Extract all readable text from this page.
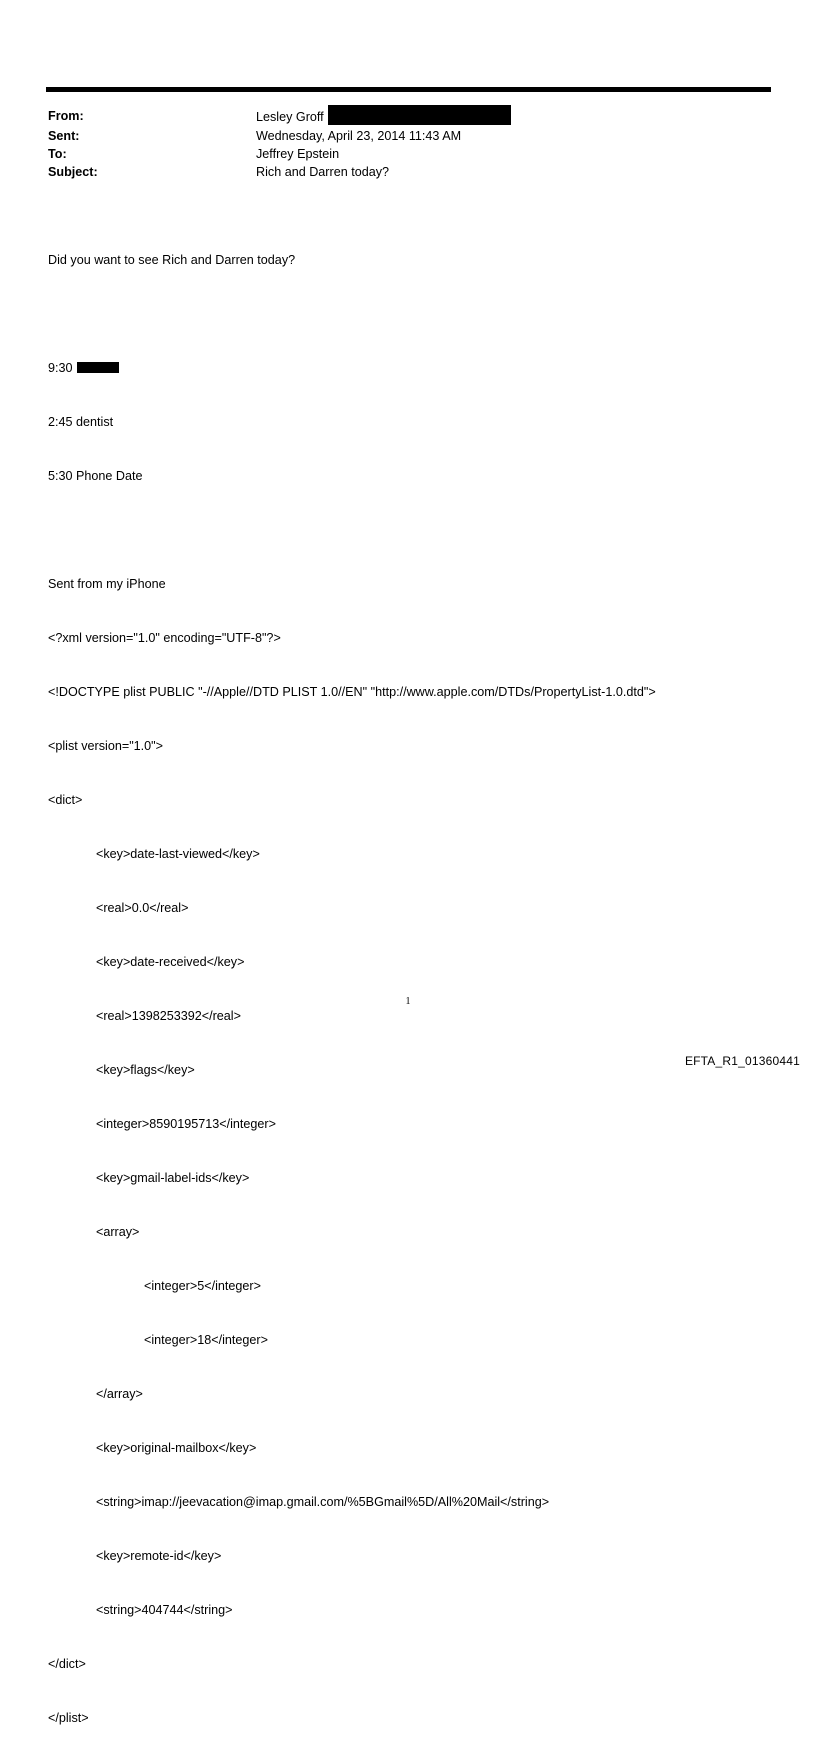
From:	Lesley Groff
Sent:	Wednesday, April 23, 2014 11:43 AM
To:	Jeffrey Epstein
Subject:	Rich and Darren today?

Did you want to see Rich and Darren today?

9:30

2:45 dentist

5:30 Phone Date

Sent from my iPhone

<?xml version="1.0" encoding="UTF-8"?>

<!DOCTYPE plist PUBLIC "-//Apple//DTD PLIST 1.0//EN" "http://www.apple.com/DTDs/PropertyList-1.0.dtd">

<plist version="1.0">

<dict>

<key>date-last-viewed</key>

<real>0.0</real>

<key>date-received</key>

<real>1398253392</real>

<key>flags</key>

<integer>8590195713</integer>

<key>gmail-label-ids</key>

<array>

<integer>5</integer>

<integer>18</integer>

</array>

<key>original-mailbox</key>

<string>imap://jeevacation@imap.gmail.com/%5BGmail%5D/All%20Mail</string>

<key>remote-id</key>

<string>404744</string>

</dict>

</plist>

1
EFTA_R1_01360441
